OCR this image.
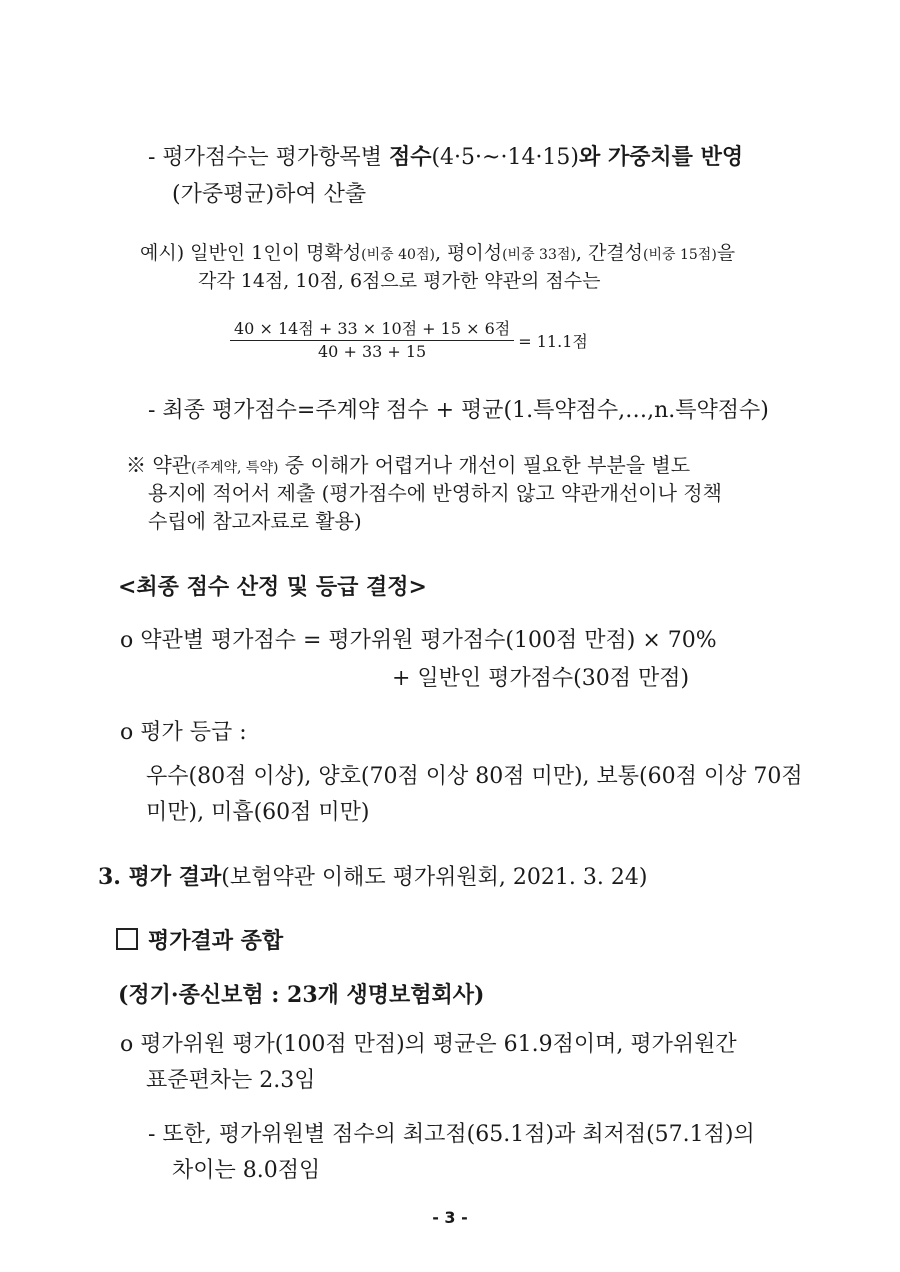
- 평가점수는 평가항목별 점수(4·5·~·14·15)와 가중치를 반영
(가중평균)하여 산출
예시) 일반인 1인이 명확성(비중 40점), 평이성(비중 33점), 간결성(비중 15점)을
각각 14점, 10점, 6점으로 평가한 약관의 점수는
$\frac{\text{40 × 14점 + 33 × 10점 + 15 × 6점}}{40 + 33 + 15} = 11.1$점
- 최종 평가점수=주계약 점수 + 평균(1.특약점수,…,n.특약점수)
※ 약관(주계약, 특약) 중 이해가 어렵거나 개선이 필요한 부분을 별도
용지에 적어서 제출 (평가점수에 반영하지 않고 약관개선이나 정책
수립에 참고자료로 활용)
<최종 점수 산정 및 등급 결정>
o 약관별 평가점수 = 평가위원 평가점수(100점 만점) × 70%
+ 일반인 평가점수(30점 만점)
o 평가 등급 :
우수(80점 이상), 양호(70점 이상 80점 미만), 보통(60점 이상 70점
미만), 미흡(60점 미만)
3. 평가 결과(보험약관 이해도 평가위원회, 2021. 3. 24)
평가결과 종합
(정기·종신보험 : 23개 생명보험회사)
o 평가위원 평가(100점 만점)의 평균은 61.9점이며, 평가위원간
표준편차는 2.3임
- 또한, 평가위원별 점수의 최고점(65.1점)과 최저점(57.1점)의
차이는 8.0점임
- 3 -
